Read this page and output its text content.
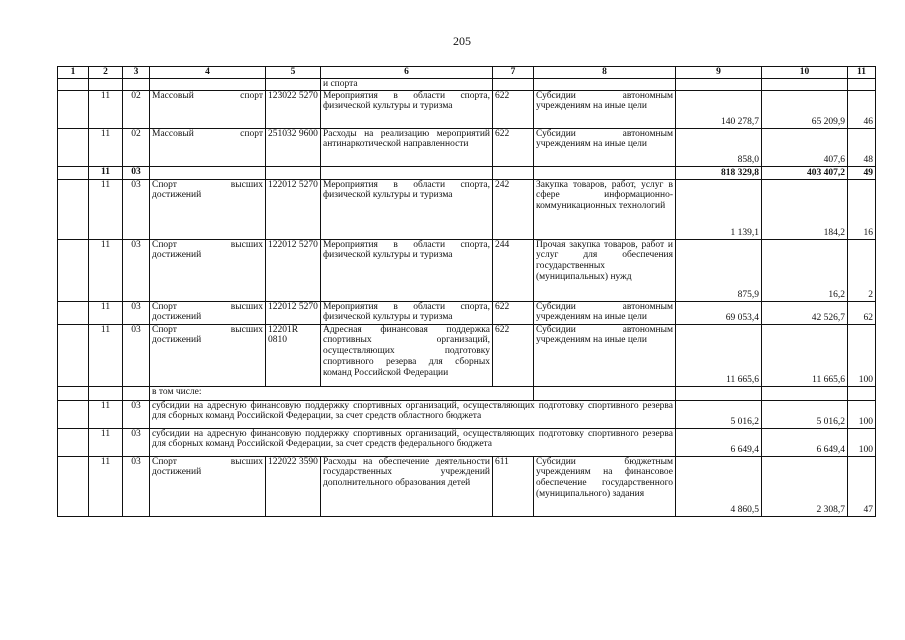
205
1	2	3	4	5	6	7	8	9	10	11
					и спорта					
	11	02	Массовый спорт	123022 5270	Мероприятия в области спорта, физической культуры и туризма	622	Субсидии автономным учреждениям на иные цели	140 278,7	65 209,9	46
	11	02	Массовый спорт	251032 9600	Расходы на реализацию мероприятий антинаркотической направленности	622	Субсидии автономным учреждениям на иные цели	858,0	407,6	48
	11	03						818 329,8	403 407,2	49
	11	03	Спорт высших достижений	122012 5270	Мероприятия в области спорта, физической культуры и туризма	242	Закупка товаров, работ, услуг в сфере информационно-коммуникационных технологий	1 139,1	184,2	16
	11	03	Спорт высших достижений	122012 5270	Мероприятия в области спорта, физической культуры и туризма	244	Прочая закупка товаров, работ и услуг для обеспечения государственных (муниципальных) нужд	875,9	16,2	2
	11	03	Спорт высших достижений	122012 5270	Мероприятия в области спорта, физической культуры и туризма	622	Субсидии автономным учреждениям на иные цели	69 053,4	42 526,7	62
	11	03	Спорт высших достижений	12201R 0810	Адресная финансовая поддержка спортивных организаций, осуществляющих подготовку спортивного резерва для сборных команд Российской Федерации	622	Субсидии автономным учреждениям на иные цели	11 665,6	11 665,6	100
			в том числе:							
	11	03	субсидии на адресную финансовую поддержку спортивных организаций, осуществляющих подготовку спортивного резерва для сборных команд Российской Федерации, за счет средств областного бюджета					5 016,2	5 016,2	100
	11	03	субсидии на адресную финансовую поддержку спортивных организаций, осуществляющих подготовку спортивного резерва для сборных команд Российской Федерации, за счет средств федерального бюджета					6 649,4	6 649,4	100
	11	03	Спорт высших достижений	122022 3590	Расходы на обеспечение деятельности государственных учреждений дополнительного образования детей	611	Субсидии бюджетным учреждениям на финансовое обеспечение государственного (муниципального) задания	4 860,5	2 308,7	47
